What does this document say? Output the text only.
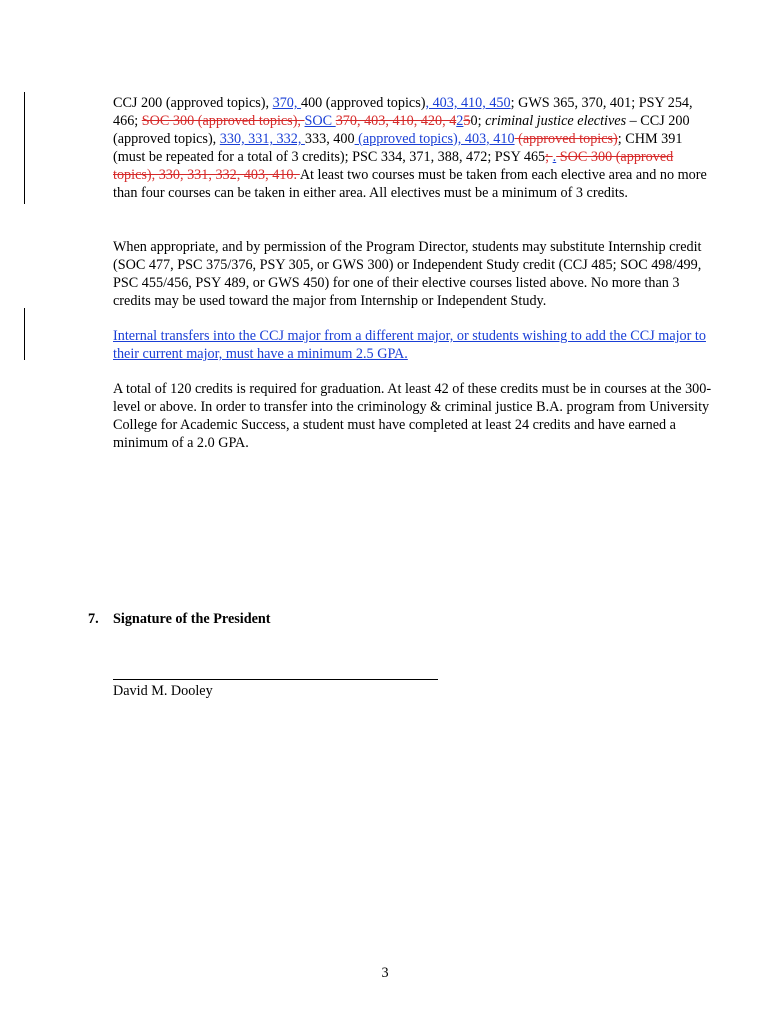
CCJ 200 (approved topics), 370, 400 (approved topics), 403, 410, 450; GWS 365, 370, 401; PSY 254, 466; SOC 300 (approved topics), SOC 370, 403, 410, 420, 4250; criminal justice electives – CCJ 200 (approved topics), 330, 331, 332, 333, 400 (approved topics), 403, 410 (approved topics); CHM 391 (must be repeated for a total of 3 credits); PSC 334, 371, 388, 472; PSY 465; . SOC 300 (approved topics), 330, 331, 332, 403, 410. At least two courses must be taken from each elective area and no more than four courses can be taken in either area. All electives must be a minimum of 3 credits.
When appropriate, and by permission of the Program Director, students may substitute Internship credit (SOC 477, PSC 375/376, PSY 305, or GWS 300) or Independent Study credit (CCJ 485; SOC 498/499, PSC 455/456, PSY 489, or GWS 450) for one of their elective courses listed above. No more than 3 credits may be used toward the major from Internship or Independent Study.
Internal transfers into the CCJ major from a different major, or students wishing to add the CCJ major to their current major, must have a minimum 2.5 GPA.
A total of 120 credits is required for graduation. At least 42 of these credits must be in courses at the 300-level or above. In order to transfer into the criminology & criminal justice B.A. program from University College for Academic Success, a student must have completed at least 24 credits and have earned a minimum of a 2.0 GPA.
7. Signature of the President
David M. Dooley
3
